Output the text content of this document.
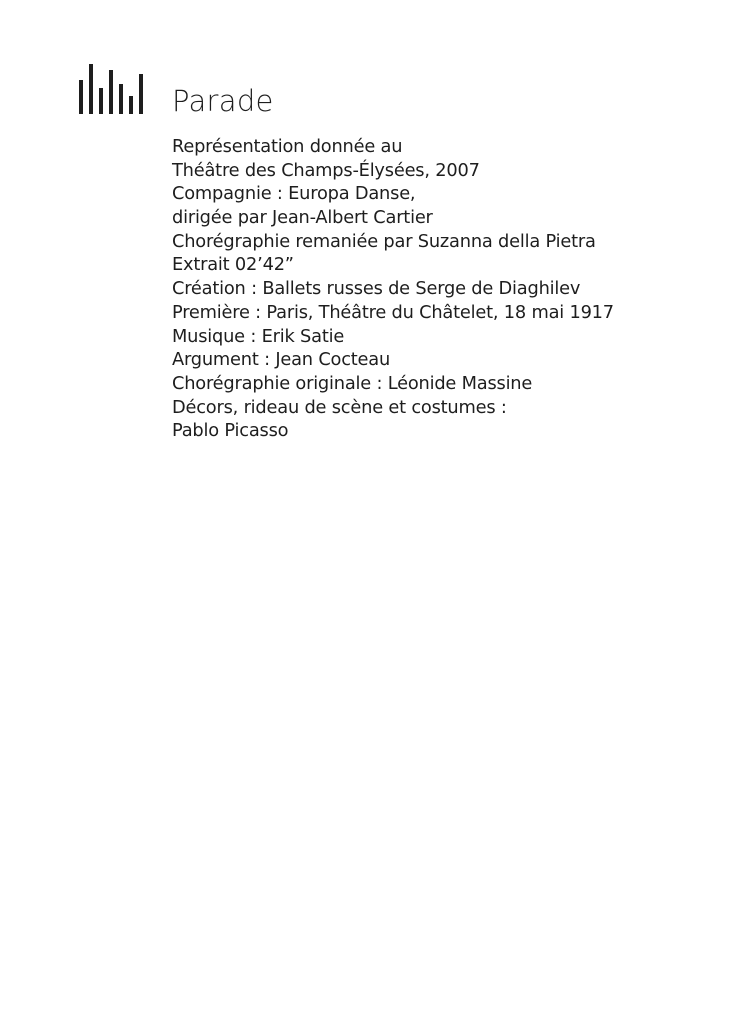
Parade
Représentation donnée au
Théâtre des Champs-Élysées, 2007
Compagnie : Europa Danse,
dirigée par Jean-Albert Cartier
Chorégraphie remaniée par Suzanna della Pietra
Extrait 02’42”
Création : Ballets russes de Serge de Diaghilev
Première : Paris, Théâtre du Châtelet, 18 mai 1917
Musique : Erik Satie
Argument : Jean Cocteau
Chorégraphie originale : Léonide Massine
Décors, rideau de scène et costumes :
Pablo Picasso
